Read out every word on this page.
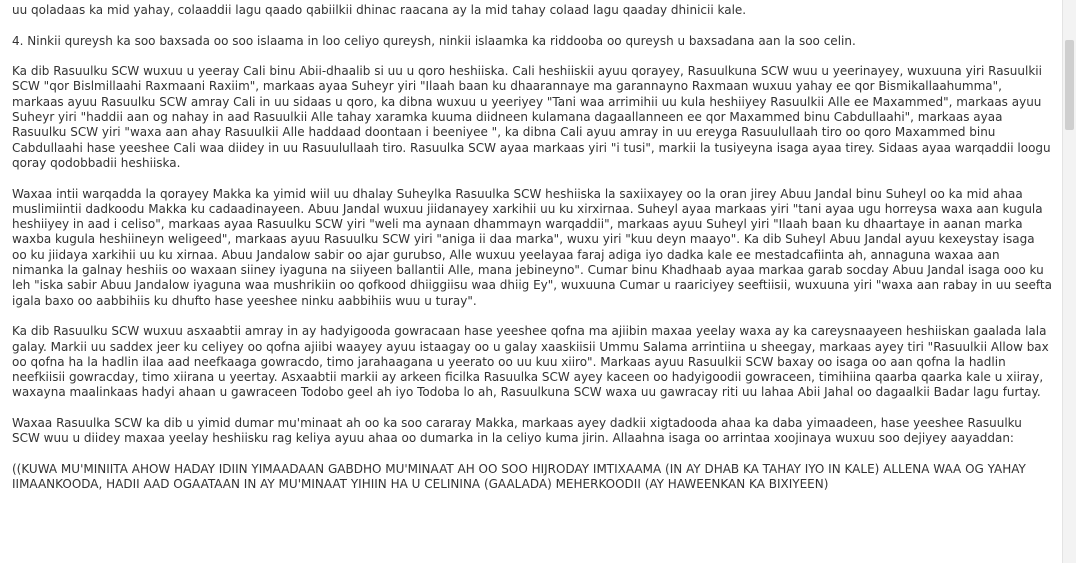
uu qoladaas ka mid yahay, colaaddii lagu qaado qabiilkii dhinac raacana ay la mid tahay colaad lagu qaaday dhinicii kale.

4. Ninkii qureysh ka soo baxsada oo soo islaama in loo celiyo qureysh, ninkii islaamka ka riddooba oo qureysh u baxsadana aan la soo celin.

Ka dib Rasuulku SCW wuxuu u yeeray Cali binu Abii-dhaalib si uu u qoro heshiiska. Cali heshiiskii ayuu qorayey, Rasuulkuna SCW wuu u yeerinayey, wuxuuna yiri Rasuulkii SCW "qor Bislmillaahi Raxmaani Raxiim", markaas ayaa Suheyr yiri "Ilaah baan ku dhaarannaye ma garannayno Raxmaan wuxuu yahay ee qor Bismikallaahumma", markaas ayuu Rasuulku SCW amray Cali in uu sidaas u qoro, ka dibna wuxuu u yeeriyey "Tani waa arrimihii uu kula heshiiyey Rasuulkii Alle ee Maxammed", markaas ayuu Suheyr yiri "haddii aan og nahay in aad Rasuulkii Alle tahay xaramka kuuma diidneen kulamana dagaallanneen ee qor Maxammed binu Cabdullaahi", markaas ayaa Rasuulku SCW yiri "waxa aan ahay Rasuulkii Alle haddaad doontaan i beeniyee ", ka dibna Cali ayuu amray in uu ereyga Rasuulullaah tiro oo qoro Maxammed binu Cabdullaahi hase yeeshee Cali waa diidey in uu Rasuulullaah tiro. Rasuulka SCW ayaa markaas yiri "i tusi", markii la tusiyeyna isaga ayaa tirey. Sidaas ayaa warqaddii loogu qoray qodobbadii heshiiska.

Waxaa intii warqadda la qorayey Makka ka yimid wiil uu dhalay Suheylka Rasuulka SCW heshiiska la saxiixayey oo la oran jirey Abuu Jandal binu Suheyl oo ka mid ahaa muslimiintii dadkoodu Makka ku cadaadinayeen. Abuu Jandal wuxuu jiidanayey xarkihii uu ku xirxirnaa. Suheyl ayaa markaas yiri "tani ayaa ugu horreysa waxa aan kugula heshiiyey in aad i celiso", markaas ayaa Rasuulku SCW yiri "weli ma aynaan dhammayn warqaddii", markaas ayuu Suheyl yiri "Ilaah baan ku dhaartaye in aanan marka waxba kugula heshiineyn weligeed", markaas ayuu Rasuulku SCW yiri "aniga ii daa marka", wuxu yiri "kuu deyn maayo". Ka dib Suheyl Abuu Jandal ayuu kexeystay isaga oo ku jiidaya xarkihii uu ku xirnaa. Abuu Jandalow sabir oo ajar gurubso, Alle wuxuu yeelayaa faraj adiga iyo dadka kale ee mestadcafiinta ah, annaguna waxaa aan nimanka la galnay heshiis oo waxaan siiney iyaguna na siiyeen ballantii Alle, mana jebineyno". Cumar binu Khadhaab ayaa markaa garab socday Abuu Jandal isaga ooo ku leh "iska sabir Abuu Jandalow iyaguna waa mushrikiin oo qofkood dhiiggiisu waa dhiig Ey", wuxuuna Cumar u raariciyey seeftiisii, wuxuuna yiri "waxa aan rabay in uu seefta igala baxo oo aabbihiis ku dhufto hase yeeshee ninku aabbihiis wuu u turay".

Ka dib Rasuulku SCW wuxuu asxaabtii amray in ay hadyigooda gowracaan hase yeeshee qofna ma ajiibin maxaa yeelay waxa ay ka careysnaayeen heshiiskan gaalada lala galay. Markii uu saddex jeer ku celiyey oo qofna ajiibi waayey ayuu istaagay oo u galay xaaskiisii Ummu Salama arrintiina u sheegay, markaas ayey tiri "Rasuulkii Allow bax oo qofna ha la hadlin ilaa aad neefkaaga gowracdo, timo jarahaagana u yeerato oo uu kuu xiiro". Markaas ayuu Rasuulkii SCW baxay oo isaga oo aan qofna la hadlin neefkiisii gowracday, timo xiirana u yeertay. Asxaabtii markii ay arkeen ficilka Rasuulka SCW ayey kaceen oo hadyigoodii gowraceen, timihiina qaarba qaarka kale u xiiray, waxayna maalinkaas hadyi ahaan u gawraceen Todobo geel ah iyo Todoba lo ah, Rasuulkuna SCW waxa uu gawracay riti uu lahaa Abii Jahal oo dagaalkii Badar lagu furtay.

Waxaa Rasuulka SCW ka dib u yimid dumar mu'minaat ah oo ka soo cararay Makka, markaas ayey dadkii xigtadooda ahaa ka daba yimaadeen, hase yeeshee Rasuulku SCW wuu u diidey maxaa yeelay heshiisku rag keliya ayuu ahaa oo dumarka in la celiyo kuma jirin. Allaahna isaga oo arrintaa xoojinaya wuxuu soo dejiyey aayaddan:

((KUWA MU'MINIITA AHOW HADAY IDIIN YIMAADAAN GABDHO MU'MINAAT AH OO SOO HIJRODAY IMTIXAAMA (IN AY DHAB KA TAHAY IYO IN KALE) ALLENA WAA OG YAHAY IIMAANKOODA, HADII AAD OGAATAAN IN AY MU'MINAAT YIHIIN HA U CELININA (GAALADA) MEHERKOODII (AY HAWEENKAN KA BIXIYEEN)
